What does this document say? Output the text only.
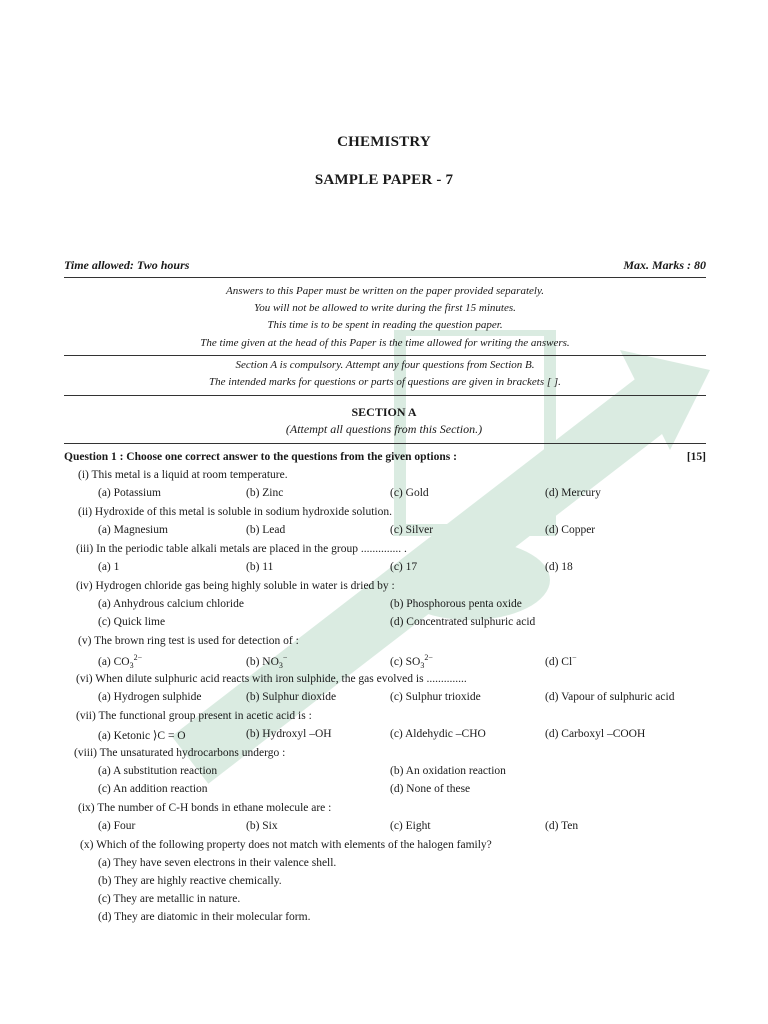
CHEMISTRY
SAMPLE PAPER - 7
Time allowed: Two hours	Max. Marks : 80
Answers to this Paper must be written on the paper provided separately.
You will not be allowed to write during the first 15 minutes.
This time is to be spent in reading the question paper.
The time given at the head of this Paper is the time allowed for writing the answers.
Section A is compulsory. Attempt any four questions from Section B.
The intended marks for questions or parts of questions are given in brackets [ ].
SECTION A
(Attempt all questions from this Section.)
Question 1 : Choose one correct answer to the questions from the given options :	[15]
(i) This metal is a liquid at room temperature.
(a) Potassium	(b) Zinc	(c) Gold	(d) Mercury
(ii) Hydroxide of this metal is soluble in sodium hydroxide solution.
(a) Magnesium	(b) Lead	(c) Silver	(d) Copper
(iii) In the periodic table alkali metals are placed in the group .............. .
(a) 1	(b) 11	(c) 17	(d) 18
(iv) Hydrogen chloride gas being highly soluble in water is dried by :
(a) Anhydrous calcium chloride	(b) Phosphorous penta oxide
(c) Quick lime	(d) Concentrated sulphuric acid
(v) The brown ring test is used for detection of :
(a) $CO_3^{2-}$	(b) $NO_3^-$	(c) $SO_3^{2-}$	(d) Cl−
(vi) When dilute sulphuric acid reacts with iron sulphide, the gas evolved is ..............
(a) Hydrogen sulphide	(b) Sulphur dioxide	(c) Sulphur trioxide	(d) Vapour of sulphuric acid
(vii) The functional group present in acetic acid is :
(a) Ketonic ⟩C = O	(b) Hydroxyl –OH	(c) Aldehydic –CHO	(d) Carboxyl –COOH
(viii) The unsaturated hydrocarbons undergo :
(a) A substitution reaction	(b) An oxidation reaction
(c) An addition reaction	(d) None of these
(ix) The number of C-H bonds in ethane molecule are :
(a) Four	(b) Six	(c) Eight	(d) Ten
(x) Which of the following property does not match with elements of the halogen family?
(a) They have seven electrons in their valence shell.
(b) They are highly reactive chemically.
(c) They are metallic in nature.
(d) They are diatomic in their molecular form.
